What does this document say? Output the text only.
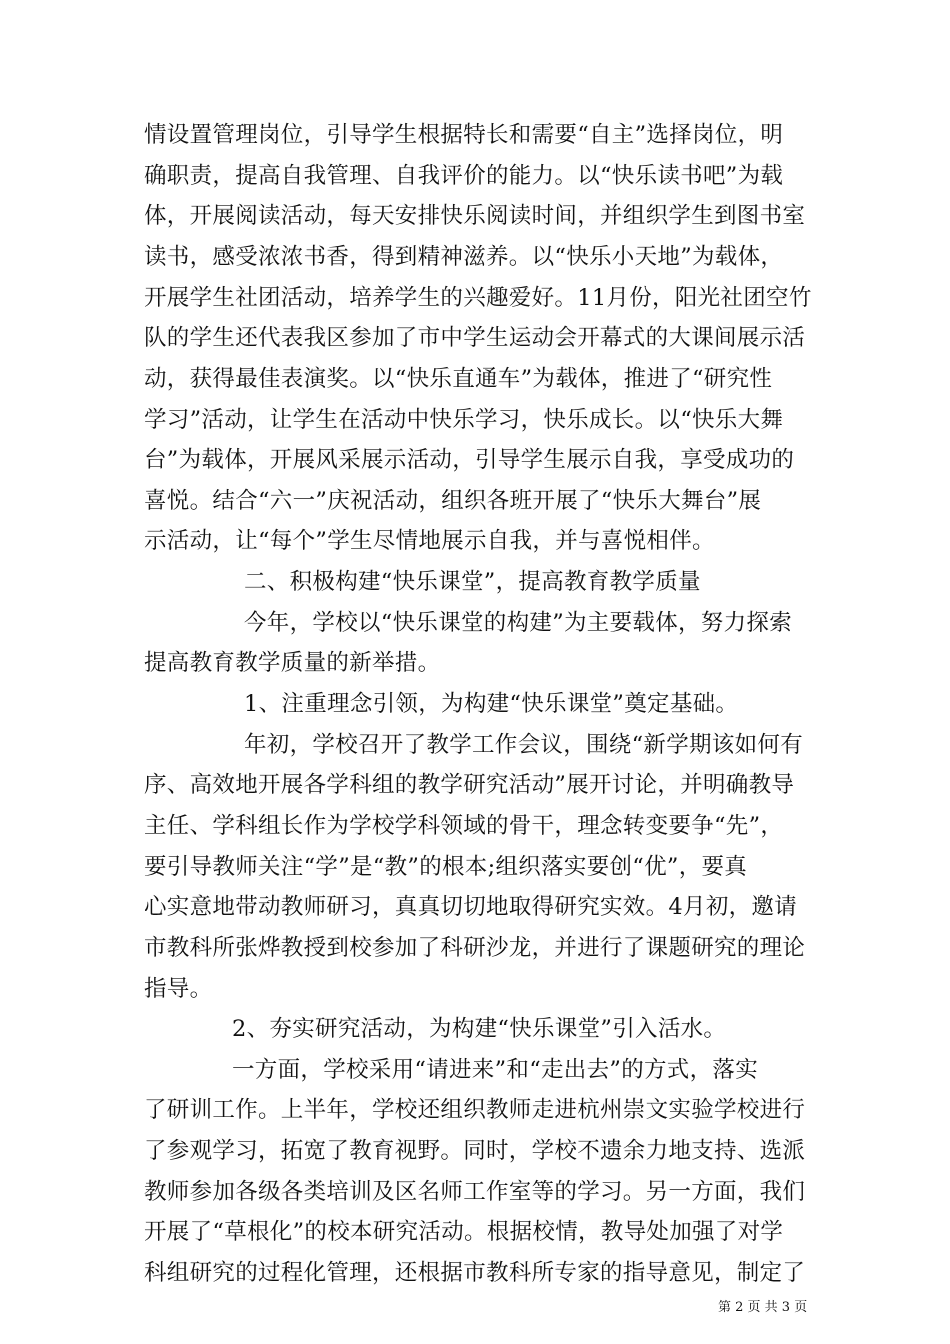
情设置管理岗位，引导学生根据特长和需要“自主”选择岗位，明
确职责，提高自我管理、自我评价的能力。以“快乐读书吧”为载
体，开展阅读活动，每天安排快乐阅读时间，并组织学生到图书室
读书，感受浓浓书香，得到精神滋养。以“快乐小天地”为载体，
开展学生社团活动，培养学生的兴趣爱好。11月份，阳光社团空竹
队的学生还代表我区参加了市中学生运动会开幕式的大课间展示活
动，获得最佳表演奖。以“快乐直通车”为载体，推进了“研究性
学习”活动，让学生在活动中快乐学习，快乐成长。以“快乐大舞
台”为载体，开展风采展示活动，引导学生展示自我，享受成功的
喜悦。结合“六一”庆祝活动，组织各班开展了“快乐大舞台”展
示活动，让“每个”学生尽情地展示自我，并与喜悦相伴。
二、积极构建“快乐课堂”，提高教育教学质量
今年，学校以“快乐课堂的构建”为主要载体，努力探索
提高教育教学质量的新举措。
1、注重理念引领，为构建“快乐课堂”奠定基础。
年初，学校召开了教学工作会议，围绕“新学期该如何有
序、高效地开展各学科组的教学研究活动”展开讨论，并明确教导
主任、学科组长作为学校学科领域的骨干，理念转变要争“先”，
要引导教师关注“学”是“教”的根本;组织落实要创“优”，要真
心实意地带动教师研习，真真切切地取得研究实效。4月初，邀请
市教科所张烨教授到校参加了科研沙龙，并进行了课题研究的理论
指导。
2、夯实研究活动，为构建“快乐课堂”引入活水。
一方面，学校采用“请进来”和“走出去”的方式，落实
了研训工作。上半年，学校还组织教师走进杭州崇文实验学校进行
了参观学习，拓宽了教育视野。同时，学校不遗余力地支持、选派
教师参加各级各类培训及区名师工作室等的学习。另一方面，我们
开展了“草根化”的校本研究活动。根据校情，教导处加强了对学
科组研究的过程化管理，还根据市教科所专家的指导意见，制定了
第 2 页 共 3 页
